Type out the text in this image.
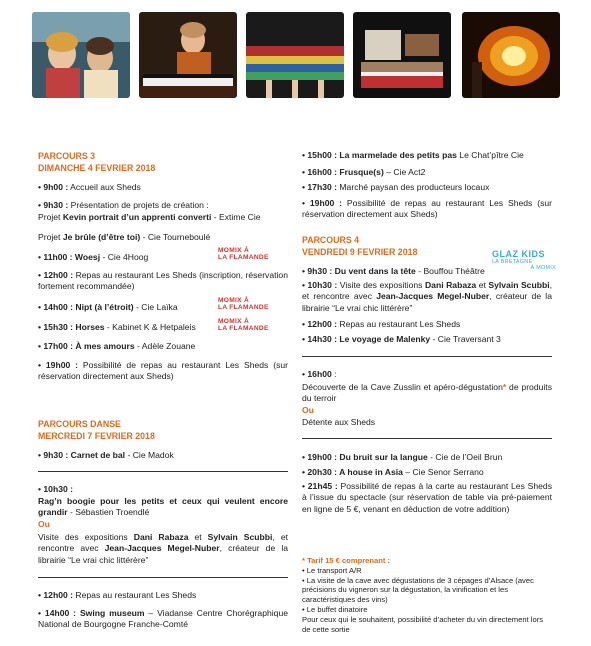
PARCOURS 3
DIMANCHE 4 FEVRIER 2018

• 9h00 : Accueil aux Sheds

• 9h30 : Présentation de projets de création :

Projet Kevin portrait d’un apprenti converti - Extime Cie

Projet Je brûle (d’être toi) - Cie Tourneboulé

• 11h00 : Woesj - Cie 4Hoog

MOMIX À
LA FLAMANDE

• 12h00 : Repas au restaurant Les Sheds (inscription, réservation fortement recommandée)

• 14h00 : Nipt (à l’étroit) - Cie Laïka

MOMIX À
LA FLAMANDE

• 15h30 : Horses - Kabinet K & Hetpaleis

MOMIX À
LA FLAMANDE

• 17h00 : À mes amours - Adèle Zouane

• 19h00 : Possibilité de repas au restaurant Les Sheds (sur réservation directement aux Sheds)

PARCOURS DANSE
MERCREDI 7 FEVRIER 2018

• 9h30 : Carnet de bal - Cie Madok

• 10h30 :

Rag’n boogie pour les petits et ceux qui veulent encore grandir - Sébastien Troendlé

Ou

Visite des expositions Dani Rabaza et Sylvain Scubbi, et rencontre avec Jean-Jacques Megel-Nuber, créateur de la librairie “Le vrai chic littérère”

• 12h00 : Repas au restaurant Les Sheds

• 14h00 : Swing museum – Viadanse Centre Chorégraphique National de Bourgogne Franche-Comté

• 15h00 : La marmelade des petits pas Le Chat’pître Cie

• 16h00 : Frusque(s) – Cie Act2

• 17h30 : Marché paysan des producteurs locaux

• 19h00 : Possibilité de repas au restaurant Les Sheds (sur réservation directement aux Sheds)

PARCOURS 4
VENDREDI 9 FEVRIER 2018	GLAZ KIDS
LA BRETAGNE
À MOMIX

• 9h30 : Du vent dans la tête - Bouffou Théâtre

• 10h30 : Visite des expositions Dani Rabaza et Sylvain Scubbi, et rencontre avec Jean-Jacques Megel-Nuber, créateur de la librairie “Le vrai chic littérère”

• 12h00 : Repas au restaurant Les Sheds

• 14h30 : Le voyage de Malenky - Cie Traversant 3

• 16h00 :

Découverte de la Cave Zusslin et apéro-dégustation* de produits du terroir

Ou

Détente aux Sheds

• 19h00 : Du bruit sur la langue - Cie de l’Oeil Brun

• 20h30 : A house in Asia – Cie Senor Serrano

• 21h45 : Possibilité de repas à la carte au restaurant Les Sheds à l’issue du spectacle (sur réservation de table via pré-paiement en ligne de 5 €, venant en déduction de votre addition)

* Tarif 15 € comprenant :
• Le transport A/R
• La visite de la cave avec dégustations de 3 cépages d’Alsace (avec précisions du vigneron sur la dégustation, la vinification et les caractéristiques des vins)
• Le buffet dinatoire
Pour ceux qui le souhaitent, possibilité d’acheter du vin directement lors de cette sortie
